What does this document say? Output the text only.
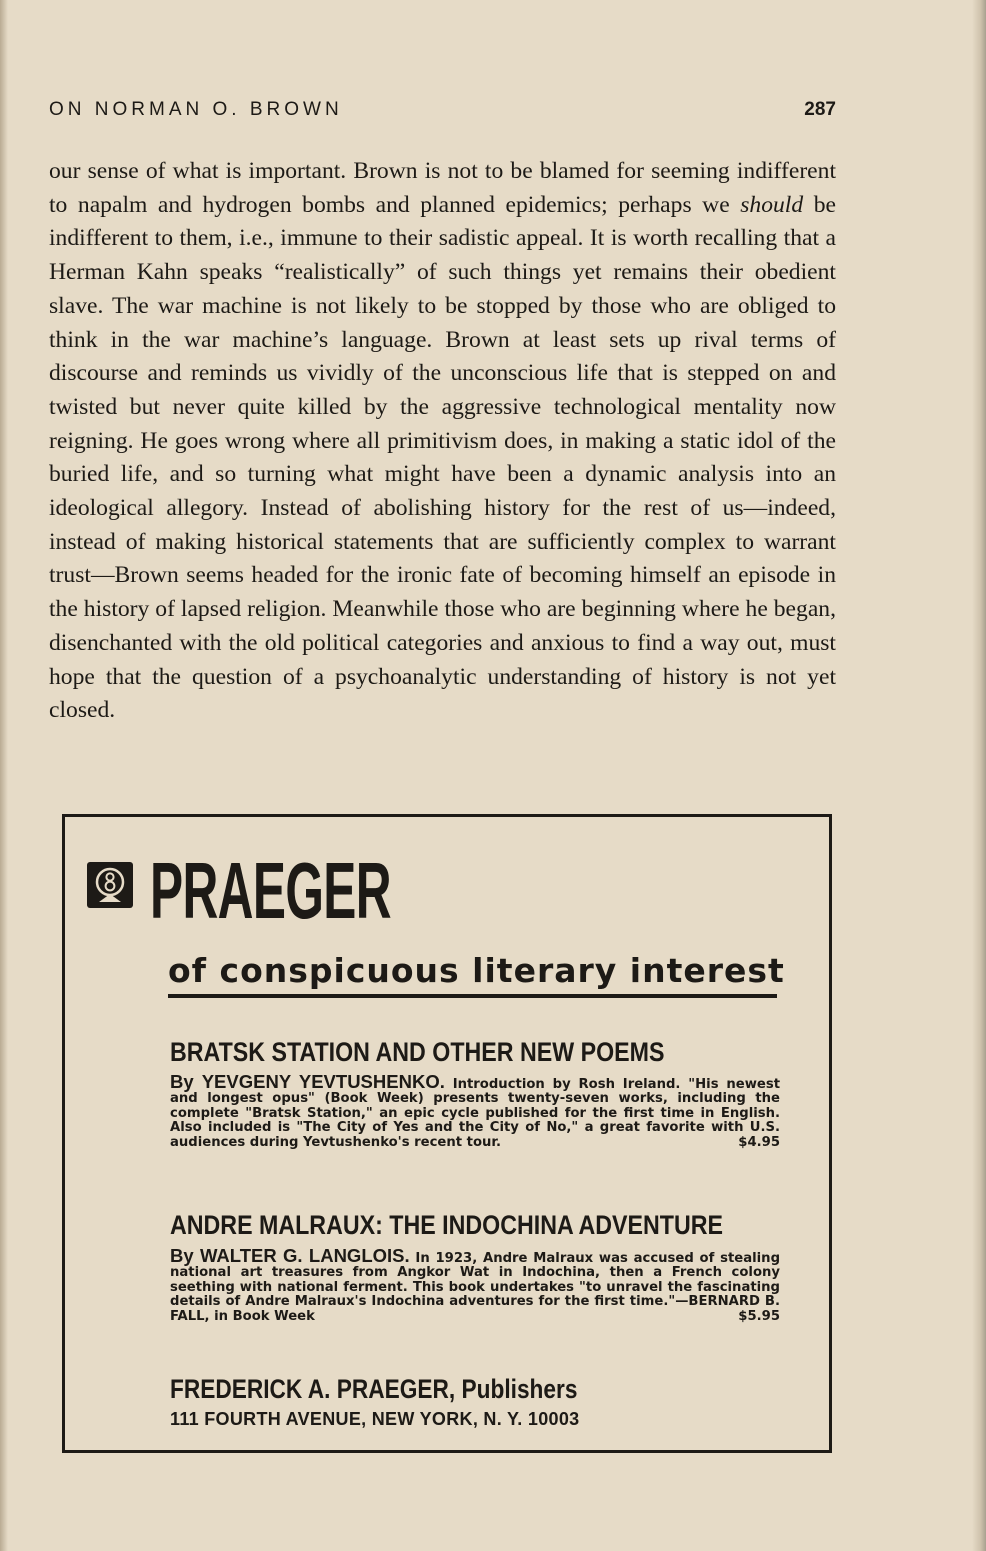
ON NORMAN O. BROWN	287

our sense of what is important. Brown is not to be blamed for seeming indifferent to napalm and hydrogen bombs and planned epidemics; perhaps we should be indifferent to them, i.e., immune to their sadistic appeal. It is worth recalling that a Herman Kahn speaks “realistically” of such things yet remains their obedient slave. The war machine is not likely to be stopped by those who are obliged to think in the war machine’s language. Brown at least sets up rival terms of discourse and reminds us vividly of the unconscious life that is stepped on and twisted but never quite killed by the aggressive technological mentality now reigning. He goes wrong where all primitivism does, in making a static idol of the buried life, and so turning what might have been a dynamic analysis into an ideological allegory. Instead of abolishing history for the rest of us—indeed, instead of making historical statements that are sufficiently complex to warrant trust—Brown seems headed for the ironic fate of becoming himself an episode in the history of lapsed religion. Meanwhile those who are beginning where he began, disenchanted with the old political categories and anxious to find a way out, must hope that the question of a psychoanalytic understanding of history is not yet closed.

PRAEGER
of conspicuous literary interest
BRATSK STATION AND OTHER NEW POEMS

By YEVGENY YEVTUSHENKO. Introduction by Rosh Ireland. "His newest and longest opus" (Book Week) presents twenty-seven works, including the complete "Bratsk Station," an epic cycle published for the first time in English. Also included is "The City of Yes and the City of No," a great favorite with U.S. audiences during Yevtushenko's recent tour.	$4.95

ANDRE MALRAUX: THE INDOCHINA ADVENTURE

By WALTER G. LANGLOIS. In 1923, Andre Malraux was accused of stealing national art treasures from Angkor Wat in Indochina, then a French colony seething with national ferment. This book undertakes "to unravel the fascinating details of Andre Malraux's Indochina adventures for the first time."—BERNARD B. FALL, in Book Week	$5.95

FREDERICK A. PRAEGER, Publishers
111 FOURTH AVENUE, NEW YORK, N. Y. 10003
